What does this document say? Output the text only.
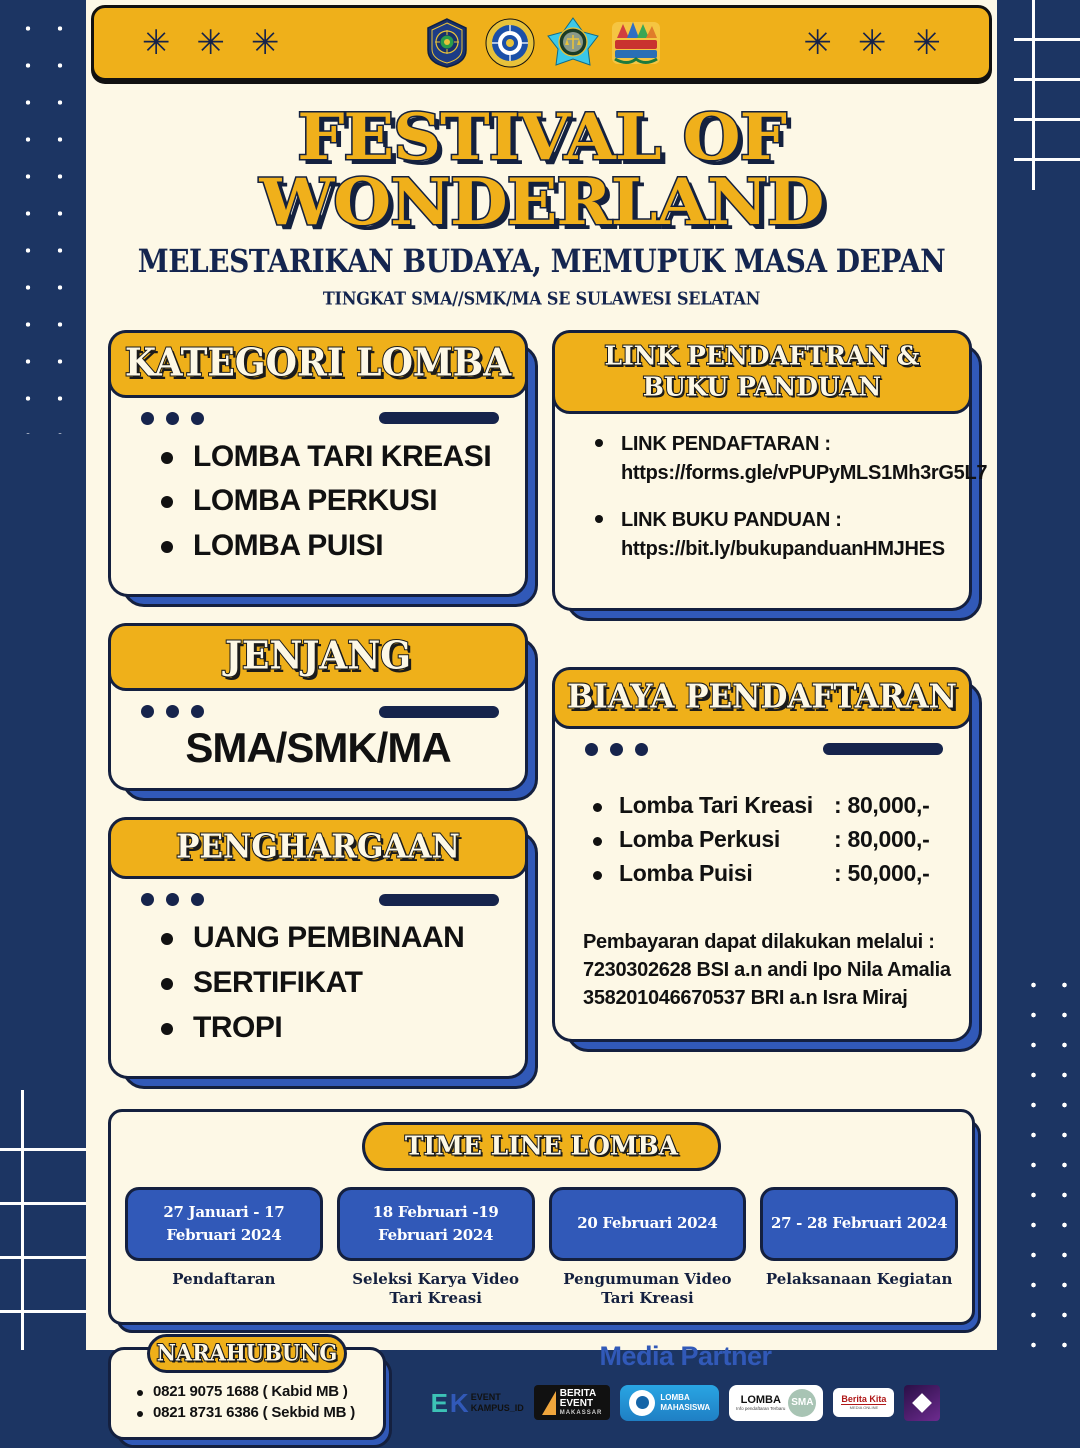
✳ ✳ ✳	✳ ✳ ✳
FESTIVAL OF WONDERLAND
MELESTARIKAN BUDAYA, MEMUPUK MASA DEPAN
TINGKAT SMA//SMK/MA SE SULAWESI SELATAN
KATEGORI LOMBA
LOMBA TARI KREASI
LOMBA PERKUSI
LOMBA PUISI
JENJANG
SMA/SMK/MA
PENGHARGAAN
UANG PEMBINAAN
SERTIFIKAT
TROPI
LINK PENDAFTRAN & BUKU PANDUAN
LINK PENDAFTARAN :
https://forms.gle/vPUPyMLS1Mh3rG5L7
LINK BUKU PANDUAN :
https://bit.ly/bukupanduanHMJHES
BIAYA PENDAFTARAN
Lomba Tari Kreasi : 80,000,-
Lomba Perkusi	: 80,000,-
Lomba Puisi	: 50,000,-
Pembayaran dapat dilakukan melalui :
7230302628 BSI a.n andi Ipo Nila Amalia
358201046670537 BRI a.n Isra Miraj
TIME LINE LOMBA
27 Januari - 17 Februari 2024
Pendaftaran
18 Februari -19 Februari 2024
Seleksi Karya Video Tari Kreasi
20 Februari 2024
Pengumuman Video Tari Kreasi
27 - 28 Februari 2024
Pelaksanaan Kegiatan
NARAHUBUNG
0821 9075 1688 ( Kabid MB )
0821 8731 6386 ( Sekbid MB )
Media Partner
E K EVENT
KAMPUS_ID
BERITA
EVENT
MAKASSAR
LOMBA
MAHASISWA
LOMBA
Info pendaftaran Terbaru SMA	Berita Kita
MEDIA ONLINE
